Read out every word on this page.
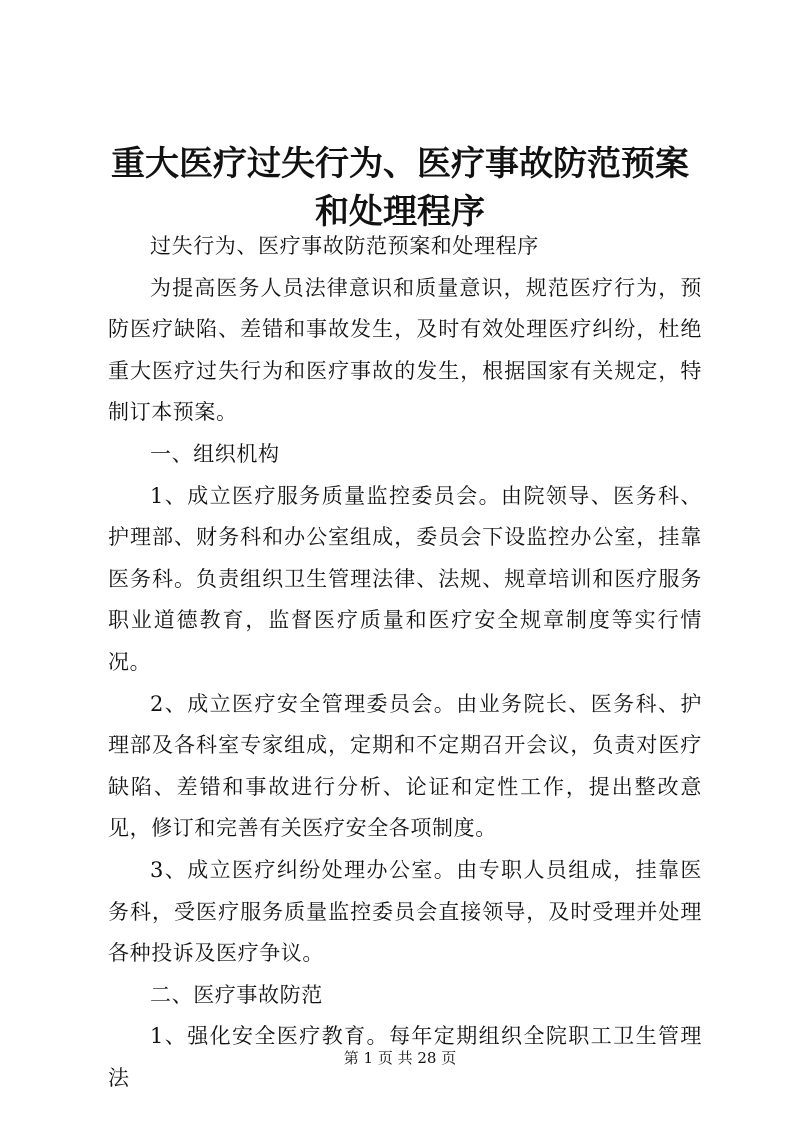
重大医疗过失行为、医疗事故防范预案和处理程序

过失行为、医疗事故防范预案和处理程序

为提高医务人员法律意识和质量意识，规范医疗行为，预防医疗缺陷、差错和事故发生，及时有效处理医疗纠纷，杜绝重大医疗过失行为和医疗事故的发生，根据国家有关规定，特制订本预案。

一、组织机构

1、成立医疗服务质量监控委员会。由院领导、医务科、护理部、财务科和办公室组成，委员会下设监控办公室，挂靠医务科。负责组织卫生管理法律、法规、规章培训和医疗服务职业道德教育，监督医疗质量和医疗安全规章制度等实行情况。

2、成立医疗安全管理委员会。由业务院长、医务科、护理部及各科室专家组成，定期和不定期召开会议，负责对医疗缺陷、差错和事故进行分析、论证和定性工作，提出整改意见，修订和完善有关医疗安全各项制度。

3、成立医疗纠纷处理办公室。由专职人员组成，挂靠医务科，受医疗服务质量监控委员会直接领导，及时受理并处理各种投诉及医疗争议。

二、医疗事故防范

1、强化安全医疗教育。每年定期组织全院职工卫生管理法

第 1 页 共 28 页
